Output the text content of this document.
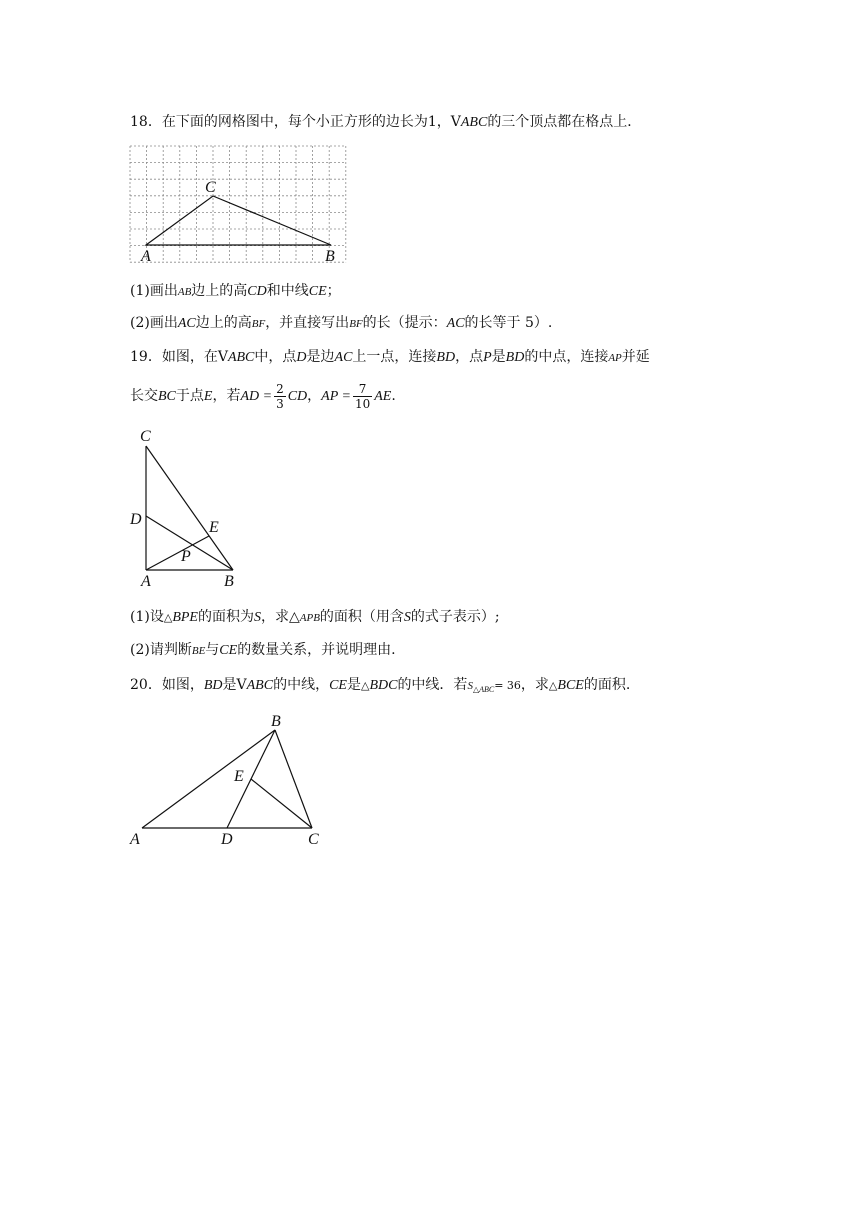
18．在下面的网格图中，每个小正方形的边长为1，VABC的三个顶点都在格点上．
A	B
C
(1)画出AB边上的高CD和中线CE；
(2)画出AC边上的高BF，并直接写出BF的长（提示：AC的长等于 5）.
19．如图，在VABC中，点D是边AC上一点，连接BD，点P是BD的中点，连接AP并延
长交BC于点E，若AD = $\frac{2}{3}$ CD，AP = $\frac{7}{10}$ AE.
C
D	E
P
A	B
(1)设△BPE的面积为S，求△APB的面积（用含S的式子表示）;
(2)请判断BE与CE的数量关系，并说明理由.
20．如图，BD是VABC的中线，CE是△BDC的中线．若$S_{\triangle ABC}= 36$，求△BCE的面积.
B
E
A	D	C
